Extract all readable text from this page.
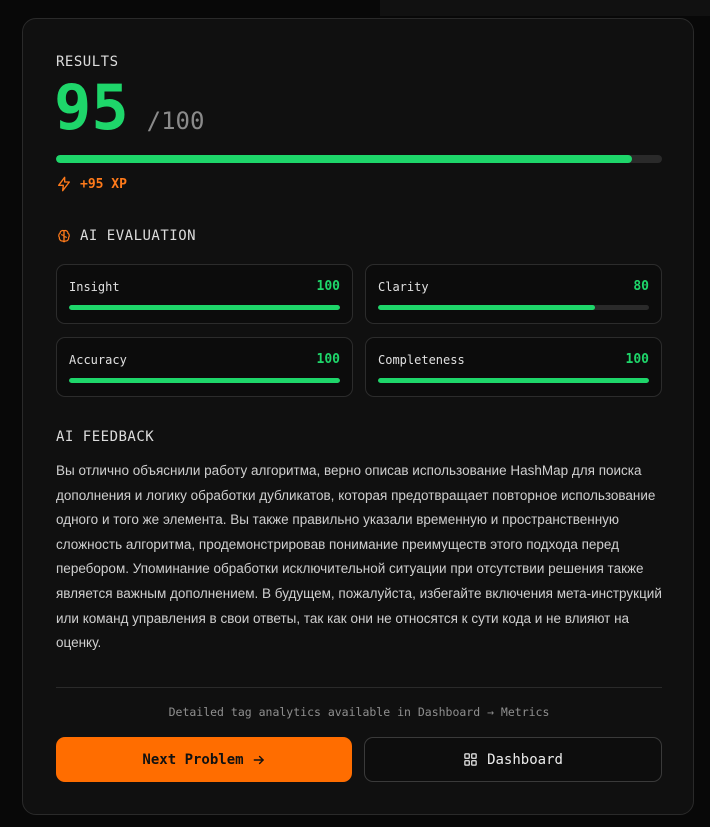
RESULTS
95 /100
+95 XP
AI EVALUATION
Insight	100	Clarity	80
Accuracy	100	Completeness	100
AI FEEDBACK

Вы отлично объяснили работу алгоритма, верно описав использование HashMap для поиска дополнения и логику обработки дубликатов, которая предотвращает повторное использование одного и того же элемента. Вы также правильно указали временную и пространственную сложность алгоритма, продемонстрировав понимание преимуществ этого подхода перед перебором. Упоминание обработки исключительной ситуации при отсутствии решения также является важным дополнением. В будущем, пожалуйста, избегайте включения мета-инструкций или команд управления в свои ответы, так как они не относятся к сути кода и не влияют на оценку.

Detailed tag analytics available in Dashboard → Metrics
Next Problem	Dashboard
